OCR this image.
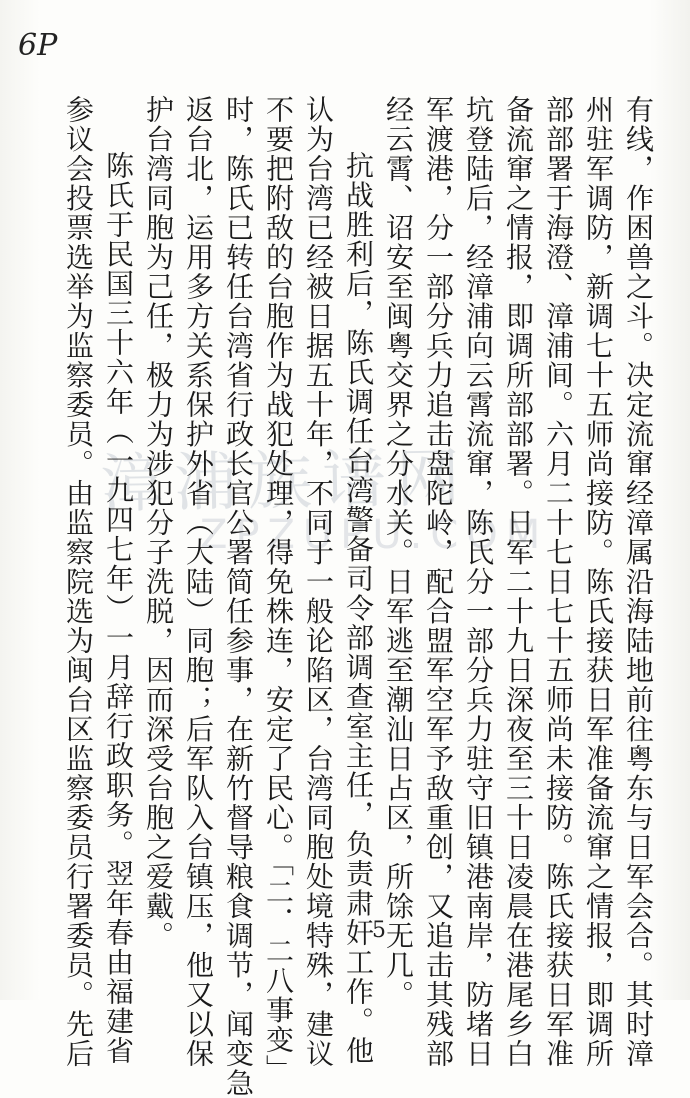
6P
漳浦族谱网
ZPZUPU.COM	有线，作困兽之斗。决定流窜经漳属沿海陆地前往粤东与日军会合。其时漳
州驻军调防，新调七十五师尚接防。陈氏接获日军准备流窜之情报，即调所
部部署于海澄、漳浦间。六月二十七日七十五师尚未接防。陈氏接获日军准
备流窜之情报，即调所部部署。日军二十九日深夜至三十日凌晨在港尾乡白
坑登陆后，经漳浦向云霄流窜，陈氏分一部分兵力驻守旧镇港南岸，防堵日
军渡港，分一部分兵力追击盘陀岭，配合盟军空军予敌重创，又追击其残部
经云霄、诏安至闽粤交界之分水关。日军逃至潮汕日占区，所馀无几。
抗战胜利后，陈氏调任台湾警备司令部调查室主任，负责肃奸工作。他
认为台湾已经被日据五十年，不同于一般论陷区，台湾同胞处境特殊，建议
不要把附敌的台胞作为战犯处理，得免株连，安定了民心。「二．二八事变」
时，陈氏已转任台湾省行政长官公署简任参事，在新竹督导粮食调节，闻变急
返台北，运用多方关系保护外省（大陆）同胞；后军队入台镇压，他又以保
护台湾同胞为己任，极力为涉犯分子洗脱，因而深受台胞之爱戴。
陈氏于民国三十六年（一九四七年）一月辞行政职务。翌年春由福建省
参议会投票选举为监察委员。由监察院选为闽台区监察委员行署委员。先后	5
